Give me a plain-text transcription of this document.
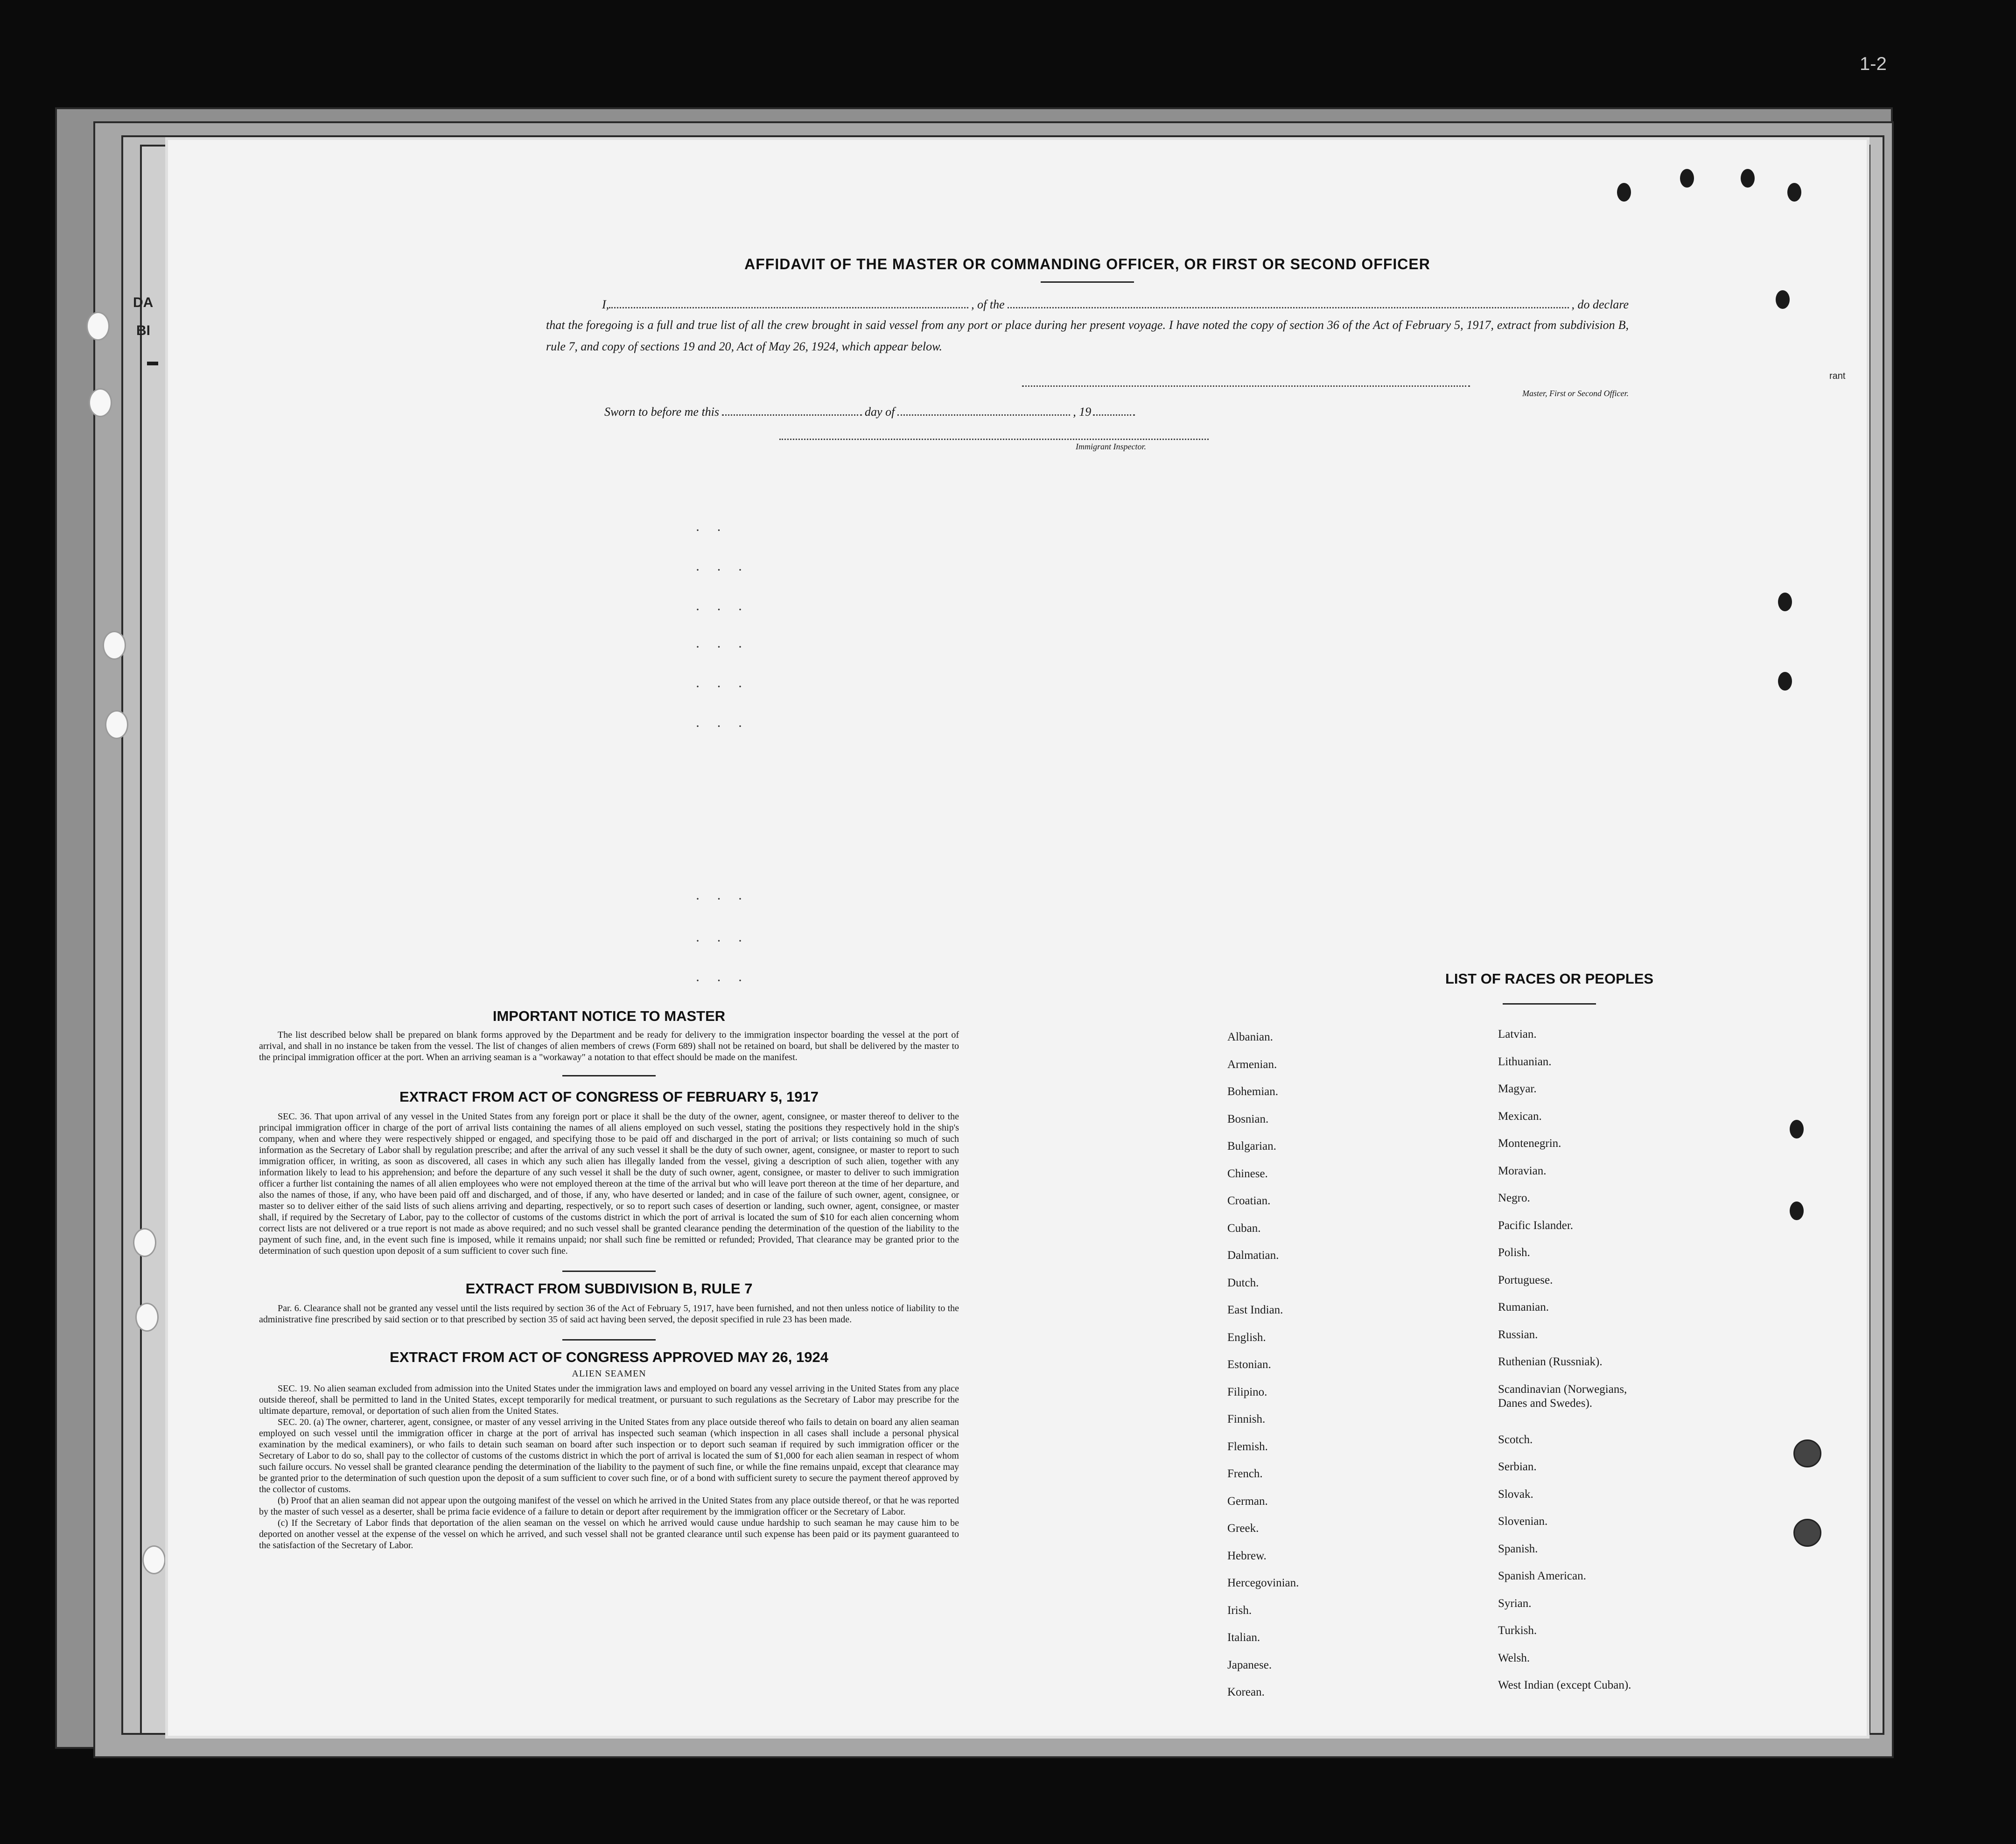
1-2
DA
BI
rant
AFFIDAVIT OF THE MASTER OR COMMANDING OFFICER, OR FIRST OR SECOND OFFICER
I,	, of the	, do declare

that the foregoing is a full and true list of all the crew brought in said vessel from any port or place during her present voyage. I have noted the copy of section 36 of the Act of February 5, 1917, extract from subdivision B, rule 7, and copy of sections 19 and 20, Act of May 26, 1924, which appear below.

Master, First or Second Officer.
Sworn to before me this	day of	, 19
Immigrant Inspector.
· ·
· · ·
· · ·
· · ·
· · ·
· · ·
· · ·
· · ·
· · ·
IMPORTANT NOTICE TO MASTER

The list described below shall be prepared on blank forms approved by the Department and be ready for delivery to the immigration inspector boarding the vessel at the port of arrival, and shall in no instance be taken from the vessel. The list of changes of alien members of crews (Form 689) shall not be retained on board, but shall be delivered by the master to the principal immigration officer at the port. When an arriving seaman is a "workaway" a notation to that effect should be made on the manifest.

EXTRACT FROM ACT OF CONGRESS OF FEBRUARY 5, 1917

SEC. 36. That upon arrival of any vessel in the United States from any foreign port or place it shall be the duty of the owner, agent, consignee, or master thereof to deliver to the principal immigration officer in charge of the port of arrival lists containing the names of all aliens employed on such vessel, stating the positions they respectively hold in the ship's company, when and where they were respectively shipped or engaged, and specifying those to be paid off and discharged in the port of arrival; or lists containing so much of such information as the Secretary of Labor shall by regulation prescribe; and after the arrival of any such vessel it shall be the duty of such owner, agent, consignee, or master to report to such immigration officer, in writing, as soon as discovered, all cases in which any such alien has illegally landed from the vessel, giving a description of such alien, together with any information likely to lead to his apprehension; and before the departure of any such vessel it shall be the duty of such owner, agent, consignee, or master to deliver to such immigration officer a further list containing the names of all alien employees who were not employed thereon at the time of the arrival but who will leave port thereon at the time of her departure, and also the names of those, if any, who have been paid off and discharged, and of those, if any, who have deserted or landed; and in case of the failure of such owner, agent, consignee, or master so to deliver either of the said lists of such aliens arriving and departing, respectively, or so to report such cases of desertion or landing, such owner, agent, consignee, or master shall, if required by the Secretary of Labor, pay to the collector of customs of the customs district in which the port of arrival is located the sum of $10 for each alien concerning whom correct lists are not delivered or a true report is not made as above required; and no such vessel shall be granted clearance pending the determination of the question of the liability to the payment of such fine, and, in the event such fine is imposed, while it remains unpaid; nor shall such fine be remitted or refunded; Provided, That clearance may be granted prior to the determination of such question upon deposit of a sum sufficient to cover such fine.

EXTRACT FROM SUBDIVISION B, RULE 7

Par. 6. Clearance shall not be granted any vessel until the lists required by section 36 of the Act of February 5, 1917, have been furnished, and not then unless notice of liability to the administrative fine prescribed by said section or to that prescribed by section 35 of said act having been served, the deposit specified in rule 23 has been made.

EXTRACT FROM ACT OF CONGRESS APPROVED MAY 26, 1924
ALIEN SEAMEN

SEC. 19. No alien seaman excluded from admission into the United States under the immigration laws and employed on board any vessel arriving in the United States from any place outside thereof, shall be permitted to land in the United States, except temporarily for medical treatment, or pursuant to such regulations as the Secretary of Labor may prescribe for the ultimate departure, removal, or deportation of such alien from the United States.

SEC. 20. (a) The owner, charterer, agent, consignee, or master of any vessel arriving in the United States from any place outside thereof who fails to detain on board any alien seaman employed on such vessel until the immigration officer in charge at the port of arrival has inspected such seaman (which inspection in all cases shall include a personal physical examination by the medical examiners), or who fails to detain such seaman on board after such inspection or to deport such seaman if required by such immigration officer or the Secretary of Labor to do so, shall pay to the collector of customs of the customs district in which the port of arrival is located the sum of $1,000 for each alien seaman in respect of whom such failure occurs. No vessel shall be granted clearance pending the determination of the liability to the payment of such fine, or while the fine remains unpaid, except that clearance may be granted prior to the determination of such question upon the deposit of a sum sufficient to cover such fine, or of a bond with sufficient surety to secure the payment thereof approved by the collector of customs.

(b) Proof that an alien seaman did not appear upon the outgoing manifest of the vessel on which he arrived in the United States from any place outside thereof, or that he was reported by the master of such vessel as a deserter, shall be prima facie evidence of a failure to detain or deport after requirement by the immigration officer or the Secretary of Labor.

(c) If the Secretary of Labor finds that deportation of the alien seaman on the vessel on which he arrived would cause undue hardship to such seaman he may cause him to be deported on another vessel at the expense of the vessel on which he arrived, and such vessel shall not be granted clearance until such expense has been paid or its payment guaranteed to the satisfaction of the Secretary of Labor.

LIST OF RACES OR PEOPLES
Albanian.
Armenian.
Bohemian.
Bosnian.
Bulgarian.
Chinese.
Croatian.
Cuban.
Dalmatian.
Dutch.
East Indian.
English.
Estonian.
Filipino.
Finnish.
Flemish.
French.
German.
Greek.
Hebrew.
Hercegovinian.
Irish.
Italian.
Japanese.
Korean.
Latvian.
Lithuanian.
Magyar.
Mexican.
Montenegrin.
Moravian.
Negro.
Pacific Islander.
Polish.
Portuguese.
Rumanian.
Russian.
Ruthenian (Russniak).
Scandinavian (Norwegians, Danes and Swedes).
Scotch.
Serbian.
Slovak.
Slovenian.
Spanish.
Spanish American.
Syrian.
Turkish.
Welsh.
West Indian (except Cuban).
